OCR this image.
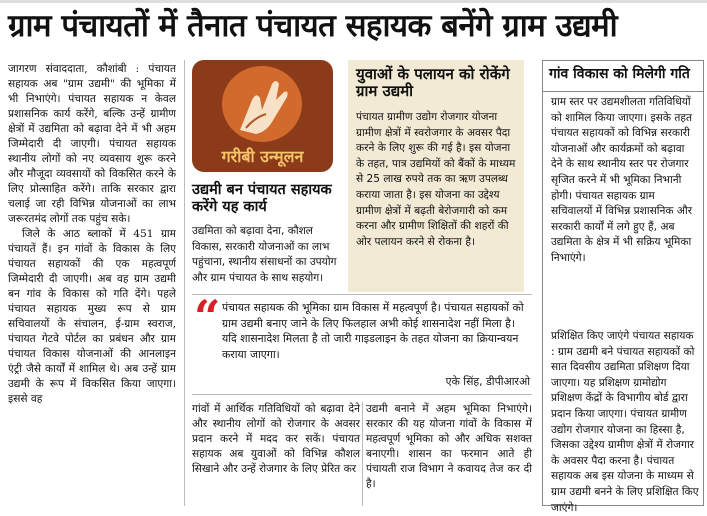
ग्राम पंचायतों में तैनात पंचायत सहायक बनेंगे ग्राम उद्यमी

जागरण संवाददाता, कौशांबी : पंचायत सहायक अब "ग्राम उद्यमी" की भूमिका में भी निभाएंगे। पंचायत सहायक न केवल प्रशासनिक कार्य करेंगे, बल्कि उन्हें ग्रामीण क्षेत्रों में उद्यमिता को बढ़ावा देने में भी अहम जिम्मेदारी दी जाएगी। पंचायत सहायक स्थानीय लोगों को नए व्यवसाय शुरू करने और मौजूदा व्यवसायों को विकसित करने के लिए प्रोत्साहित करेंगे। ताकि सरकार द्वारा चलाई जा रही विभिन्न योजनाओं का लाभ जरूरतमंद लोगों तक पहुंच सके।

जिले के आठ ब्लाकों में 451 ग्राम पंचायतें हैं। इन गांवों के विकास के लिए पंचायत सहायकों की एक महत्वपूर्ण जिम्मेदारी दी जाएगी। अब वह ग्राम उद्यमी बन गांव के विकास को गति देंगे। पहले पंचायत सहायक मुख्य रूप से ग्राम सचिवालयों के संचालन, ई-ग्राम स्वराज, पंचायत गेटवे पोर्टल का प्रबंधन और ग्राम पंचायत विकास योजनाओं की आनलाइन एंट्री जैसे कार्यों में शामिल थे। अब उन्हें ग्राम उद्यमी के रूप में विकसित किया जाएगा। इससे वह

गरीबी उन्मूलन
उद्यमी बन पंचायत सहायक करेंगे यह कार्य

उद्यमिता को बढ़ावा देना, कौशल विकास, सरकारी योजनाओं का लाभ पहुंचाना, स्थानीय संसाधनों का उपयोग और ग्राम पंचायत के साथ सहयोग।

युवाओं के पलायन को रोकेंगे ग्राम उद्यमी

पंचायत ग्रामीण उद्योग रोजगार योजना ग्रामीण क्षेत्रों में स्वरोजगार के अवसर पैदा करने के लिए शुरू की गई है। इस योजना के तहत, पात्र उद्यमियों को बैंकों के माध्यम से 25 लाख रुपये तक का ऋण उपलब्ध कराया जाता है। इस योजना का उद्देश्य ग्रामीण क्षेत्रों में बढ़ती बेरोजगारी को कम करना और ग्रामीण शिक्षितों की शहरों की ओर पलायन करने से रोकना है।

गांव विकास को मिलेगी गति

ग्राम स्तर पर उद्यमशीलता गतिविधियों को शामिल किया जाएगा। इसके तहत पंचायत सहायकों को विभिन्न सरकारी योजनाओं और कार्यक्रमों को बढ़ावा देने के साथ स्थानीय स्तर पर रोजगार सृजित करने में भी भूमिका निभानी होगी। पंचायत सहायक ग्राम सचिवालयों में विभिन्न प्रशासनिक और सरकारी कार्यों में लगे हुए हैं, अब उद्यमिता के क्षेत्र में भी सक्रिय भूमिका निभाएंगे।

प्रशिक्षित किए जाएंगे पंचायत सहायक : ग्राम उद्यमी बने पंचायत सहायकों को सात दिवसीय उद्यमिता प्रशिक्षण दिया जाएगा। यह प्रशिक्षण ग्रामोद्योग प्रशिक्षण केंद्रों के विभागीय बोर्ड द्वारा प्रदान किया जाएगा। पंचायत ग्रामीण उद्योग रोजगार योजना का हिस्सा है, जिसका उद्देश्य ग्रामीण क्षेत्रों में रोजगार के अवसर पैदा करना है। पंचायत सहायक अब इस योजना के माध्यम से ग्राम उद्यमी बनने के लिए प्रशिक्षित किए जाएंगे।

“ पंचायत सहायक की भूमिका ग्राम विकास में महत्वपूर्ण है। पंचायत सहायकों को ग्राम उद्यमी बनाए जाने के लिए फिलहाल अभी कोई शासनादेश नहीं मिला है। यदि शासनादेश मिलता है तो जारी गाइडलाइन के तहत योजना का क्रियान्वयन कराया जाएगा।
एके सिंह, डीपीआरओ

गांवों में आर्थिक गतिविधियों को बढ़ावा देने और स्थानीय लोगों को रोजगार के अवसर प्रदान करने में मदद कर सकें। पंचायत सहायक अब युवाओं को विभिन्न कौशल सिखाने और उन्हें रोजगार के लिए प्रेरित कर

उद्यमी बनाने में अहम भूमिका निभाएंगे। सरकार की यह योजना गांवों के विकास में महत्वपूर्ण भूमिका को और अधिक सशक्त बनाएगी। शासन का फरमान आते ही पंचायती राज विभाग ने कवायद तेज कर दी है।
